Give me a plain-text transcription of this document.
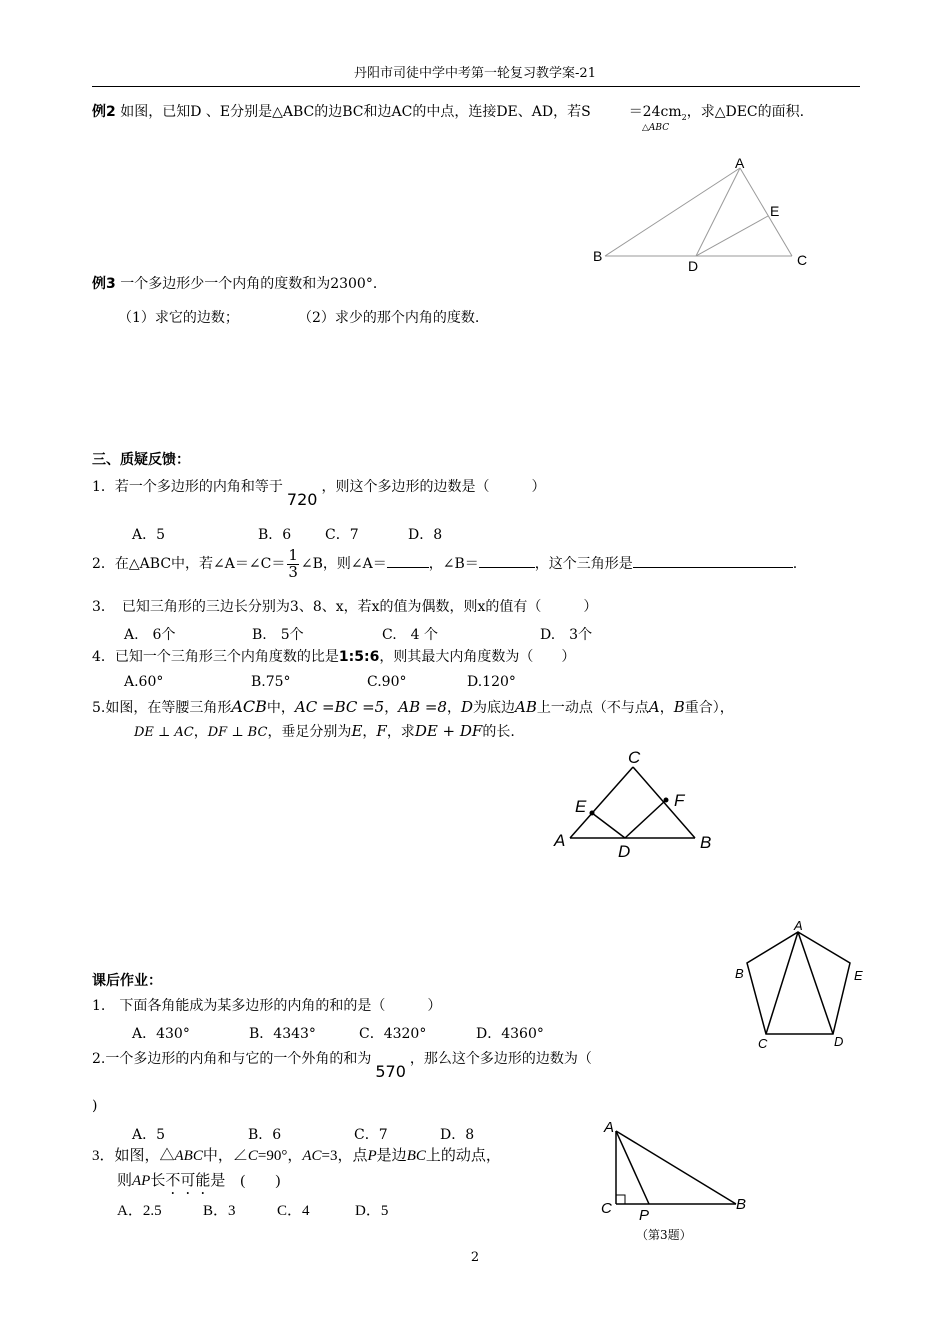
丹阳市司徒中学中考第一轮复习教学案-21
例2 如图，已知D 、E分别是△ABC的边BC和边AC的中点，连接DE、AD，若S	$=24cm_2$，求△DEC的面积.
△ABC
A
E
B
D	C
例3 一个多边形少一个内角的度数和为2300°．
（1）求它的边数；	（2）求少的那个内角的度数.
三、质疑反馈：
1．若一个多边形的内角和等于720，则这个多边形的边数是（　　　）
A．5	B．6 C．7	D．8
2．在△ABC中，若∠A＝∠C＝ $\frac{1}{3}$ ∠B，则∠A＝	，∠B＝	，这个三角形是	.
3．　已知三角形的三边长分别为3、8、x，若x的值为偶数，则x的值有（　　　）
A.　6个	B.　5个	C.　4 个	D.　3个
4．已知一个三角形三个内角度数的比是1:5:6，则其最大内角度数为（　　）
A.60°	B.75°	C.90°	D.120°
5.如图，在等腰三角形ACB中，AC =BC =5，AB =8，D为底边AB上一动点（不与点A，B重合），
DE ⊥ AC，DF ⊥ BC，垂足分别为E，F，求DE + DF的长.
C
E	F
A
D	B
课后作业：
A
B	E
C	D
1.　下面各角能成为某多边形的内角的和的是（　　　）
A．430°	B．4343°	C．4320°	D．4360°
2.一个多边形的内角和与它的一个外角的和为570，那么这个多边形的边数为（
)
A．5	B．6	C．7	D．8
3．如图，△ABC中，∠C=90°，AC=3，点P是边BC上的动点，
则AP长不可能是　(　　)
A．2.5	B．3	C．4	D．5
A
C P
B
（第3题）
2
